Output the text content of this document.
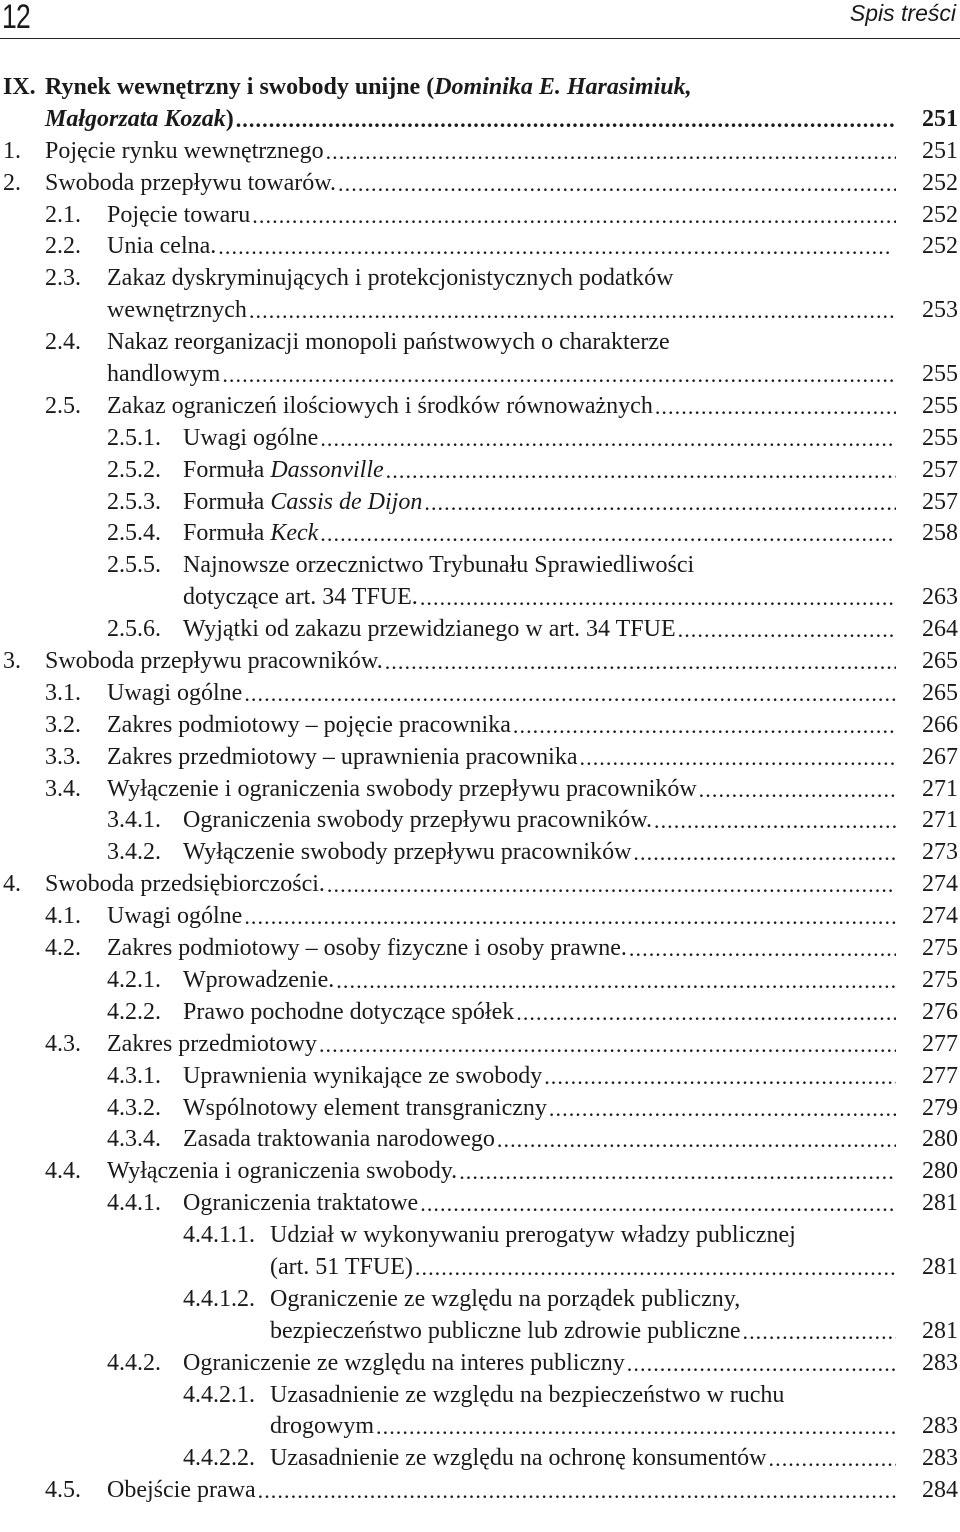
12	Spis treści
IX. Rynek wewnętrzny i swobody unijne (Dominika E. Harasimiuk,
Małgorzata Kozak) . . .	251
1. Pojęcie rynku wewnętrznego . . .	251
2. Swoboda przepływu towarów. . . .	252
2.1. Pojęcie towaru . . .	252
2.2. Unia celna. . . .	252
2.3. Zakaz dyskryminujących i protekcjonistycznych podatków
wewnętrznych . . .	253
2.4. Nakaz reorganizacji monopoli państwowych o charakterze
handlowym . . .	255
2.5. Zakaz ograniczeń ilościowych i środków równoważnych . . .	255
2.5.1. Uwagi ogólne . . .	255
2.5.2. Formuła Dassonville . . .	257
2.5.3. Formuła Cassis de Dijon . . .	257
2.5.4. Formuła Keck . . .	258
2.5.5. Najnowsze orzecznictwo Trybunału Sprawiedliwości
dotyczące art. 34 TFUE. . . .	263
2.5.6. Wyjątki od zakazu przewidzianego w art. 34 TFUE . . .	264
3. Swoboda przepływu pracowników. . . .	265
3.1. Uwagi ogólne . . .	265
3.2. Zakres podmiotowy – pojęcie pracownika . . .	266
3.3. Zakres przedmiotowy – uprawnienia pracownika . . .	267
3.4. Wyłączenie i ograniczenia swobody przepływu pracowników . . .	271
3.4.1. Ograniczenia swobody przepływu pracowników. . . .	271
3.4.2. Wyłączenie swobody przepływu pracowników . . .	273
4. Swoboda przedsiębiorczości. . . .	274
4.1. Uwagi ogólne . . .	274
4.2. Zakres podmiotowy – osoby fizyczne i osoby prawne. . . .	275
4.2.1. Wprowadzenie. . . .	275
4.2.2. Prawo pochodne dotyczące spółek . . .	276
4.3. Zakres przedmiotowy . . .	277
4.3.1. Uprawnienia wynikające ze swobody . . .	277
4.3.2. Wspólnotowy element transgraniczny . . .	279
4.3.4. Zasada traktowania narodowego . . .	280
4.4. Wyłączenia i ograniczenia swobody. . . .	280
4.4.1. Ograniczenia traktatowe . . .	281
4.4.1.1. Udział w wykonywaniu prerogatyw władzy publicznej
(art. 51 TFUE) . . .	281
4.4.1.2. Ograniczenie ze względu na porządek publiczny,
bezpieczeństwo publiczne lub zdrowie publiczne . . .	281
4.4.2. Ograniczenie ze względu na interes publiczny . . .	283
4.4.2.1. Uzasadnienie ze względu na bezpieczeństwo w ruchu
drogowym . . .	283
4.4.2.2. Uzasadnienie ze względu na ochronę konsumentów . . .	283
4.5. Obejście prawa . . .	284
